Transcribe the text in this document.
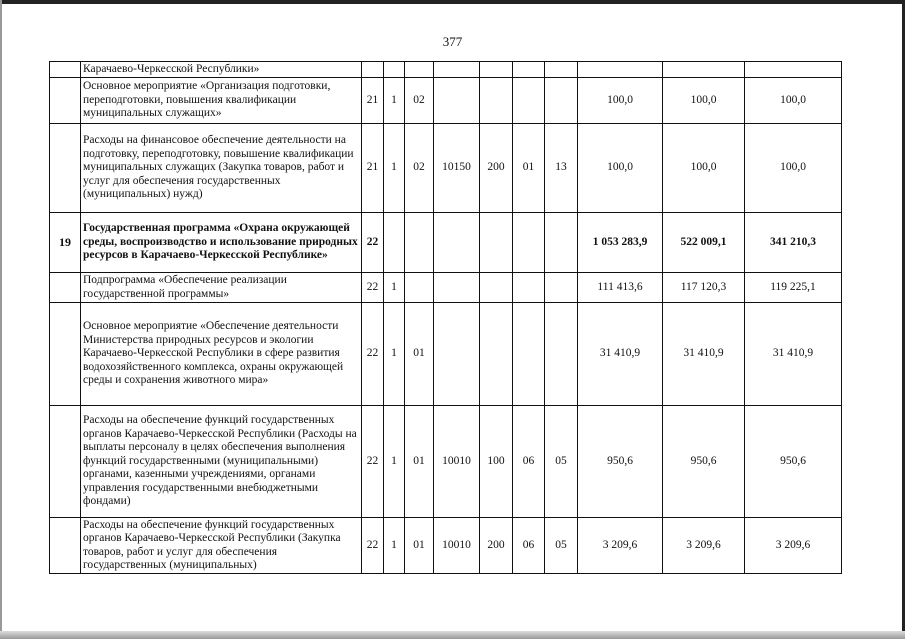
377
	Карачаево-Черкесской Республики»										
	Основное мероприятие «Организация подготовки, переподготовки, повышения квалификации муниципальных служащих»	21	1	02					100,0	100,0	100,0
	Расходы на финансовое обеспечение деятельности на подготовку, переподготовку, повышение квалификации муниципальных служащих (Закупка товаров, работ и услуг для обеспечения государственных (муниципальных) нужд)	21	1	02	10150	200	01	13	100,0	100,0	100,0
19	Государственная программа «Охрана окружающей среды, воспроизводство и использование природных ресурсов в Карачаево-Черкесской Республике»	22							1 053 283,9	522 009,1	341 210,3
	Подпрограмма «Обеспечение реализации государственной программы»	22	1						111 413,6	117 120,3	119 225,1
	Основное мероприятие «Обеспечение деятельности Министерства природных ресурсов и экологии Карачаево-Черкесской Республики в сфере развития водохозяйственного комплекса, охраны окружающей среды и сохранения животного мира»	22	1	01					31 410,9	31 410,9	31 410,9
	Расходы на обеспечение функций государственных органов Карачаево-Черкесской Республики (Расходы на выплаты персоналу в целях обеспечения выполнения функций государственными (муниципальными) органами, казенными учреждениями, органами управления государственными внебюджетными фондами)	22	1	01	10010	100	06	05	950,6	950,6	950,6
	Расходы на обеспечение функций государственных органов Карачаево-Черкесской Республики (Закупка товаров, работ и услуг для обеспечения государственных (муниципальных)	22	1	01	10010	200	06	05	3 209,6	3 209,6	3 209,6
